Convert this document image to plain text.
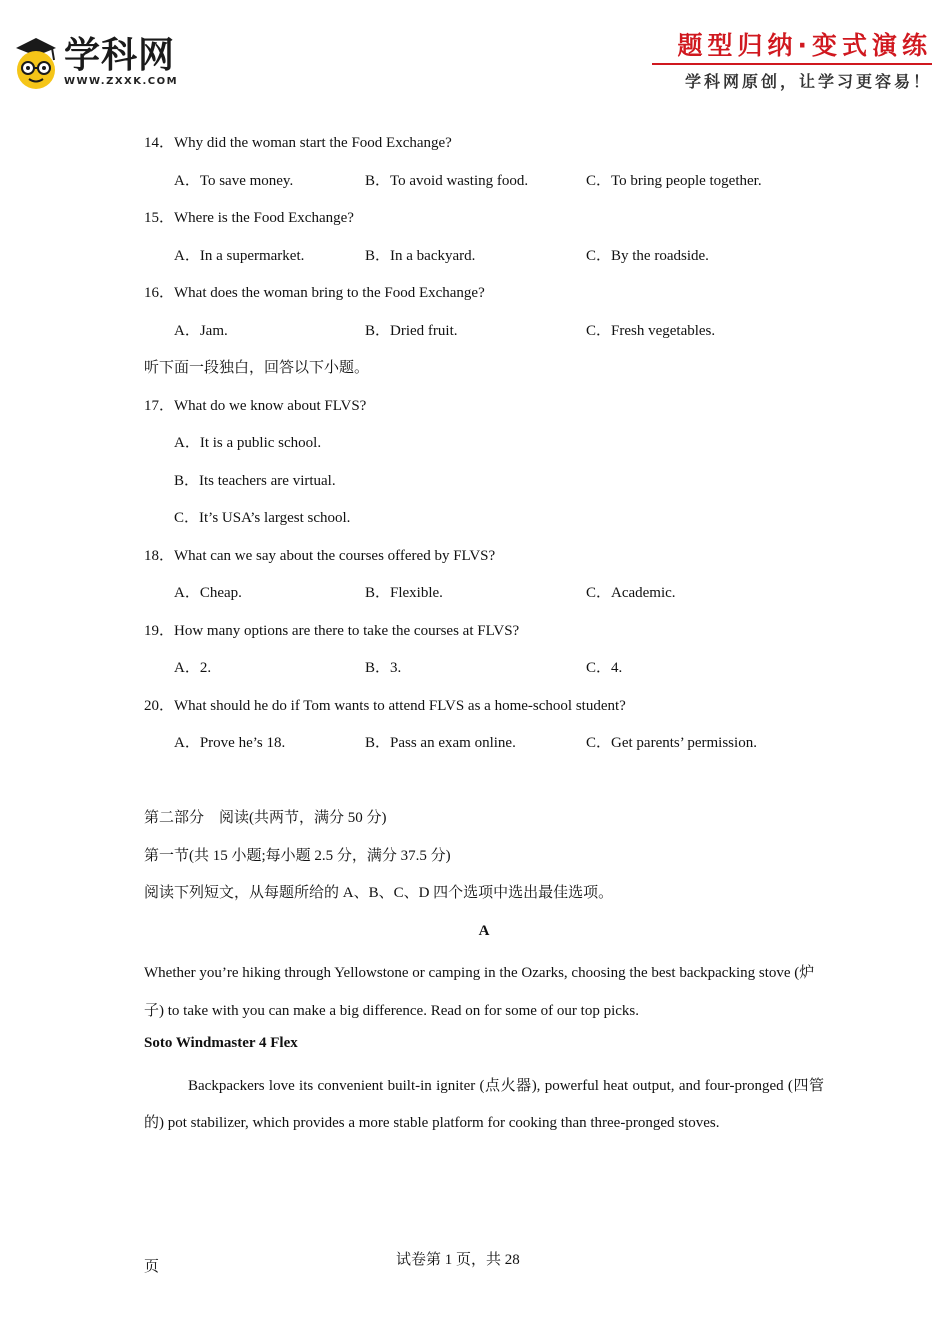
学科网
WWW.ZXXK.COM
题型归纳·变式演练
学科网原创，让学习更容易！
14．Why did the woman start the Food Exchange?
A．To save money.	B．To avoid wasting food.	C．To bring people together.
15．Where is the Food Exchange?
A．In a supermarket.	B．In a backyard.	C．By the roadside.
16．What does the woman bring to the Food Exchange?
A．Jam.	B．Dried fruit.	C．Fresh vegetables.
听下面一段独白，回答以下小题。
17．What do we know about FLVS?
A．It is a public school.
B．Its teachers are virtual.
C．It’s USA’s largest school.
18．What can we say about the courses offered by FLVS?
A．Cheap.	B．Flexible.	C．Academic.
19．How many options are there to take the courses at FLVS?
A．2.	B．3.	C．4.
20．What should he do if Tom wants to attend FLVS as a home-school student?
A．Prove he’s 18.	B．Pass an exam online.	C．Get parents’ permission.
第二部分　阅读(共两节，满分 50 分)
第一节(共 15 小题;每小题 2.5 分，满分 37.5 分)
阅读下列短文，从每题所给的 A、B、C、D 四个选项中选出最佳选项。
A
Whether you’re hiking through Yellowstone or camping in the Ozarks, choosing the best backpacking stove (炉子) to take with you can make a big difference. Read on for some of our top picks.
Soto Windmaster 4 Flex
Backpackers love its convenient built-in igniter (点火器), powerful heat output, and four-pronged (四管的) pot stabilizer, which provides a more stable platform for cooking than three-pronged stoves.
试卷第 1 页，共 28
页
